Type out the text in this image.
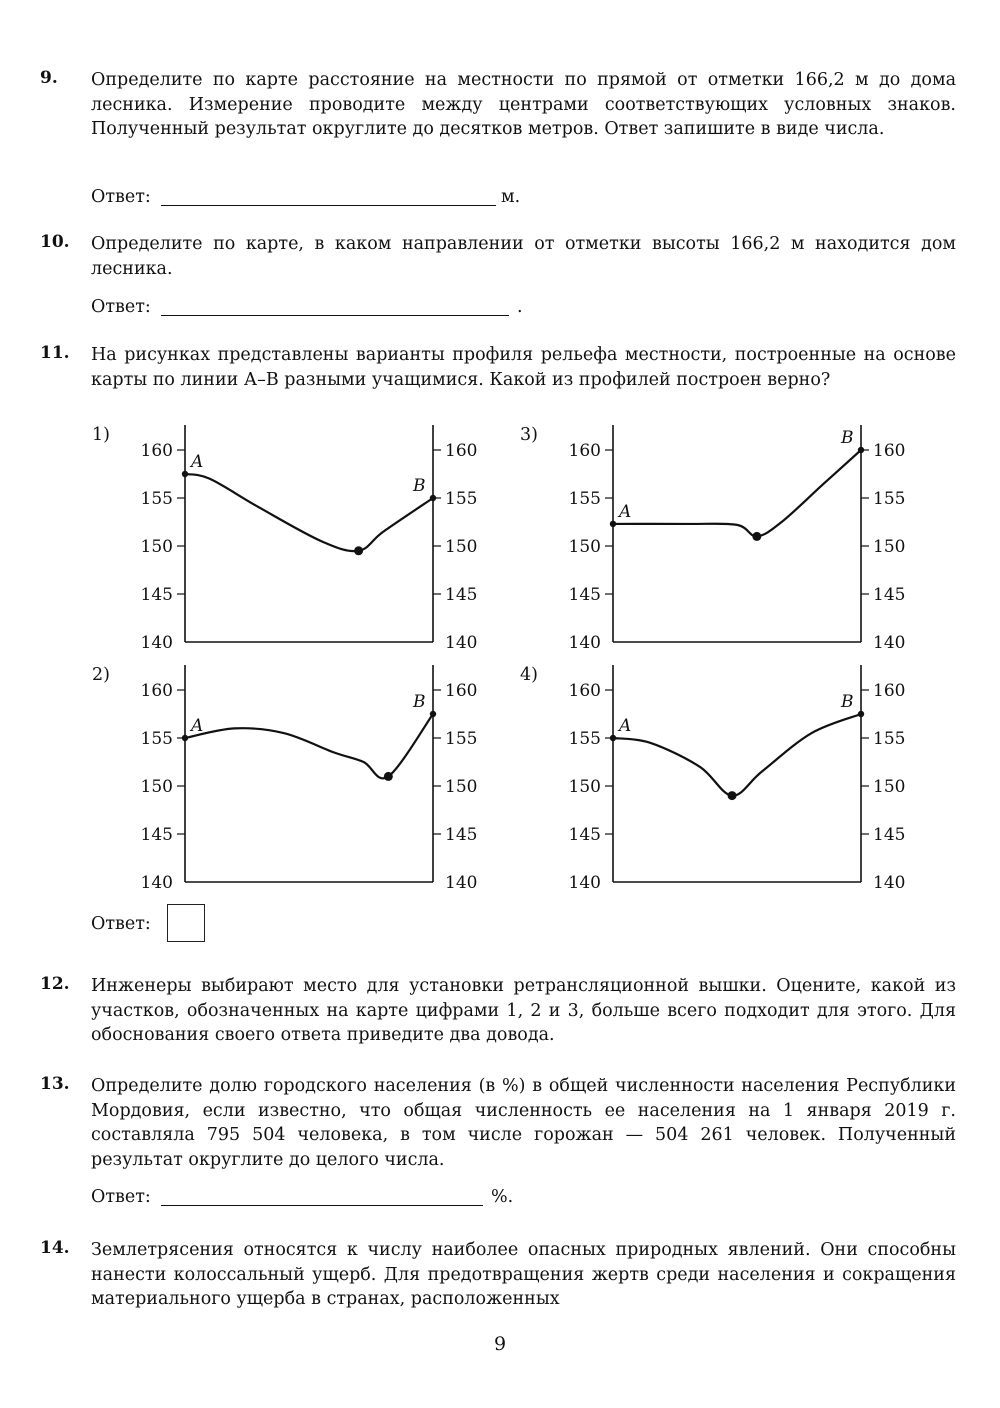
9. Определите по карте расстояние на местности по прямой от отметки 166,2 м до дома лесника. Измерение проводите между центрами соответствующих условных знаков. Полученный результат округлите до десятков метров. Ответ запишите в виде числа.
Ответ:	м.
10. Определите по карте, в каком направлении от отметки высоты 166,2 м находится дом лесника.
Ответ:	.
11. На рисунках представлены варианты профиля рельефа местности, построенные на основе карты по линии А–В разными учащимися. Какой из профилей построен верно?
1)
160	160
155	155
150	150
145	145
140	140
A
B
2)
160	160
155	155
150	150
145	145
140	140
A
B
3)
160	160
155	155
150	150
145	145
140	140
A
B
4)
160	160
155	155
150	150
145	145
140	140
A
B
Ответ:
12. Инженеры выбирают место для установки ретрансляционной вышки. Оцените, какой из участков, обозначенных на карте цифрами 1, 2 и 3, больше всего подходит для этого. Для обоснования своего ответа приведите два довода.
13. Определите долю городского населения (в %) в общей численности населения Республики Мордовия, если известно, что общая численность ее населения на 1 января 2019 г. составляла 795 504 человека, в том числе горожан — 504 261 человек. Полученный результат округлите до целого числа.
Ответ:	%.
14. Землетрясения относятся к числу наиболее опасных природных явлений. Они способны нанести колоссальный ущерб. Для предотвращения жертв среди населения и сокращения материального ущерба в странах, расположенных
9
